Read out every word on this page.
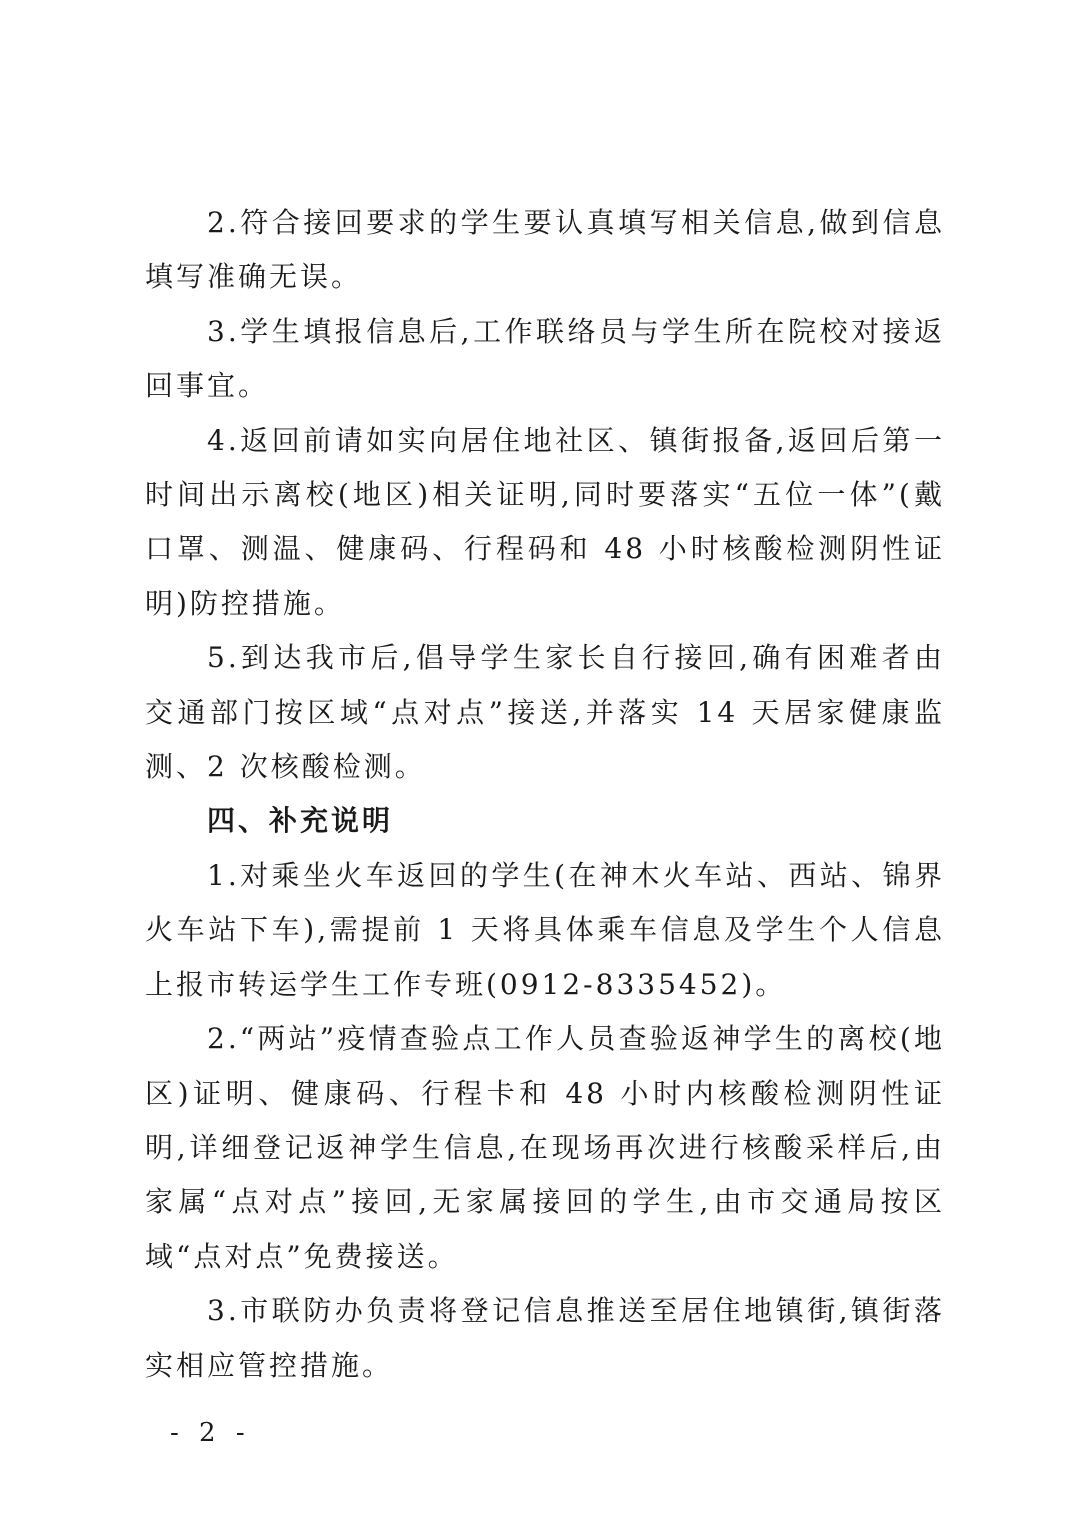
2.符合接回要求的学生要认真填写相关信息,做到信息填写准确无误。

3.学生填报信息后,工作联络员与学生所在院校对接返回事宜。

4.返回前请如实向居住地社区、镇街报备,返回后第一时间出示离校(地区)相关证明,同时要落实“五位一体”(戴口罩、测温、健康码、行程码和 48 小时核酸检测阴性证明)防控措施。

5.到达我市后,倡导学生家长自行接回,确有困难者由交通部门按区域“点对点”接送,并落实 14 天居家健康监测、2 次核酸检测。

四、补充说明

1.对乘坐火车返回的学生(在神木火车站、西站、锦界火车站下车),需提前 1 天将具体乘车信息及学生个人信息上报市转运学生工作专班(0912-8335452)。

2.“两站”疫情查验点工作人员查验返神学生的离校(地区)证明、健康码、行程卡和 48 小时内核酸检测阴性证明,详细登记返神学生信息,在现场再次进行核酸采样后,由家属“点对点”接回,无家属接回的学生,由市交通局按区域“点对点”免费接送。

3.市联防办负责将登记信息推送至居住地镇街,镇街落实相应管控措施。

- 2 -
